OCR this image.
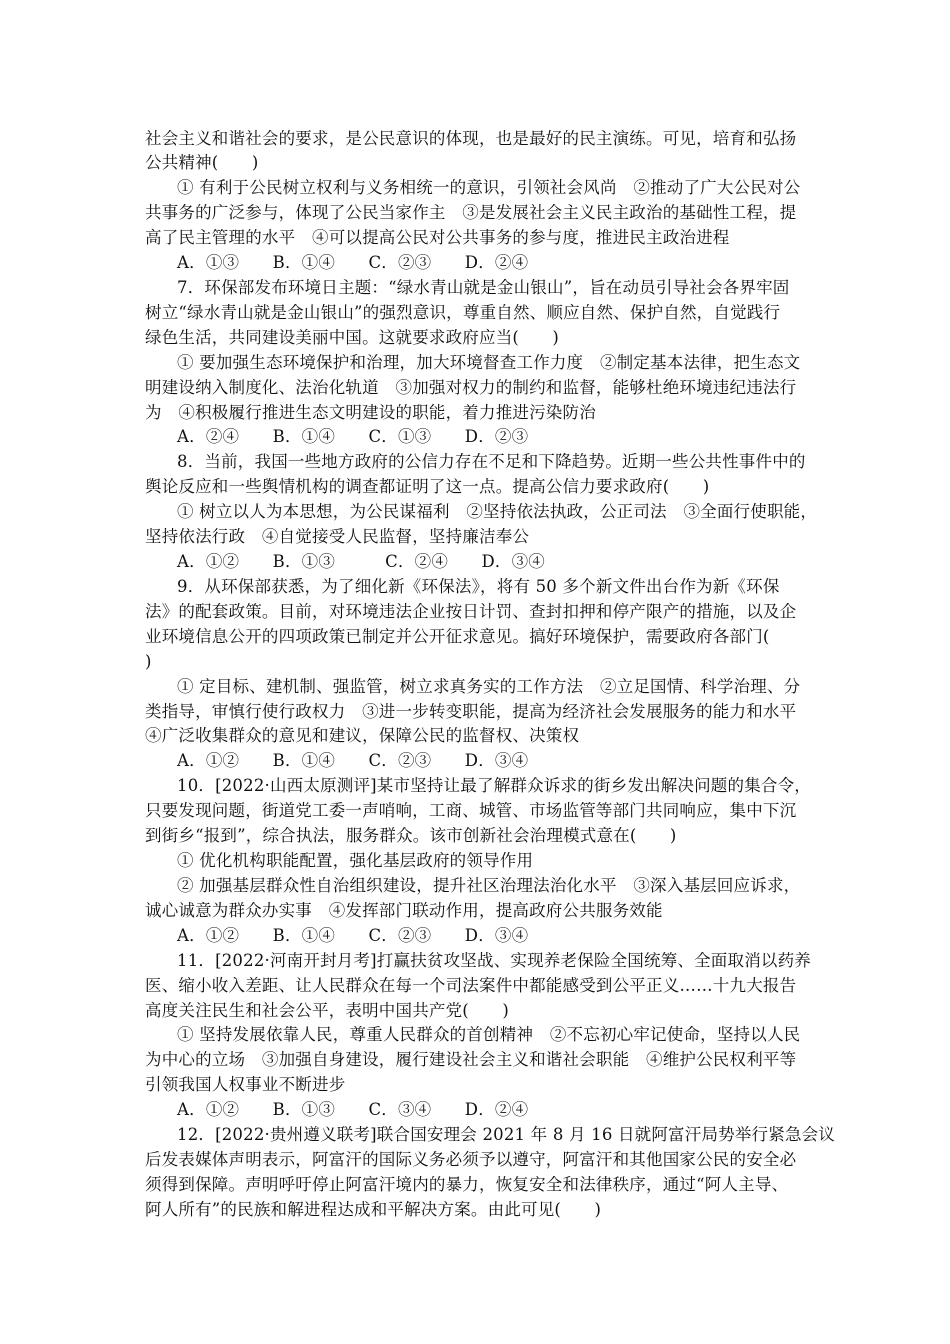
社会主义和谐社会的要求，是公民意识的体现，也是最好的民主演练。可见，培育和弘扬
公共精神(　　)
① 有利于公民树立权利与义务相统一的意识，引领社会风尚　②推动了广大公民对公
共事务的广泛参与，体现了公民当家作主　③是发展社会主义民主政治的基础性工程，提
高了民主管理的水平　④可以提高公民对公共事务的参与度，推进民主政治进程
A．①③　　B．①④　　C．②③　　D．②④
7．环保部发布环境日主题：“绿水青山就是金山银山”，旨在动员引导社会各界牢固
树立“绿水青山就是金山银山”的强烈意识，尊重自然、顺应自然、保护自然，自觉践行
绿色生活，共同建设美丽中国。这就要求政府应当(　　)
① 要加强生态环境保护和治理，加大环境督查工作力度　②制定基本法律，把生态文
明建设纳入制度化、法治化轨道　③加强对权力的制约和监督，能够杜绝环境违纪违法行
为　④积极履行推进生态文明建设的职能，着力推进污染防治
A．②④　　B．①④　　C．①③　　D．②③
8．当前，我国一些地方政府的公信力存在不足和下降趋势。近期一些公共性事件中的
舆论反应和一些舆情机构的调查都证明了这一点。提高公信力要求政府(　　)
① 树立以人为本思想，为公民谋福利　②坚持依法执政，公正司法　③全面行使职能，
坚持依法行政　④自觉接受人民监督，坚持廉洁奉公
A．①②　　B．①③　　　C．②④　　D．③④
9．从环保部获悉，为了细化新《环保法》，将有 50 多个新文件出台作为新《环保
法》的配套政策。目前，对环境违法企业按日计罚、查封扣押和停产限产的措施，以及企
业环境信息公开的四项政策已制定并公开征求意见。搞好环境保护，需要政府各部门(
)
① 定目标、建机制、强监管，树立求真务实的工作方法　②立足国情、科学治理、分
类指导，审慎行使行政权力　③进一步转变职能，提高为经济社会发展服务的能力和水平
④广泛收集群众的意见和建议，保障公民的监督权、决策权
A．①②　　B．①④　　C．②③　　D．③④
10．[2022·山西太原测评]某市坚持让最了解群众诉求的街乡发出解决问题的集合令，
只要发现问题，街道党工委一声哨响，工商、城管、市场监管等部门共同响应，集中下沉
到街乡“报到”，综合执法，服务群众。该市创新社会治理模式意在(　　)
① 优化机构职能配置，强化基层政府的领导作用
② 加强基层群众性自治组织建设，提升社区治理法治化水平　③深入基层回应诉求，
诚心诚意为群众办实事　④发挥部门联动作用，提高政府公共服务效能
A．①②　　B．①④　　C．②③　　D．③④
11．[2022·河南开封月考]打赢扶贫攻坚战、实现养老保险全国统筹、全面取消以药养
医、缩小收入差距、让人民群众在每一个司法案件中都能感受到公平正义……十九大报告
高度关注民生和社会公平，表明中国共产党(　　)
① 坚持发展依靠人民，尊重人民群众的首创精神　②不忘初心牢记使命，坚持以人民
为中心的立场　③加强自身建设，履行建设社会主义和谐社会职能　④维护公民权利平等
引领我国人权事业不断进步
A．①②　　B．①③　　C．③④　　D．②④
12．[2022·贵州遵义联考]联合国安理会 2021 年 8 月 16 日就阿富汗局势举行紧急会议
后发表媒体声明表示，阿富汗的国际义务必须予以遵守，阿富汗和其他国家公民的安全必
须得到保障。声明呼吁停止阿富汗境内的暴力，恢复安全和法律秩序，通过“阿人主导、
阿人所有”的民族和解进程达成和平解决方案。由此可见(　　)
